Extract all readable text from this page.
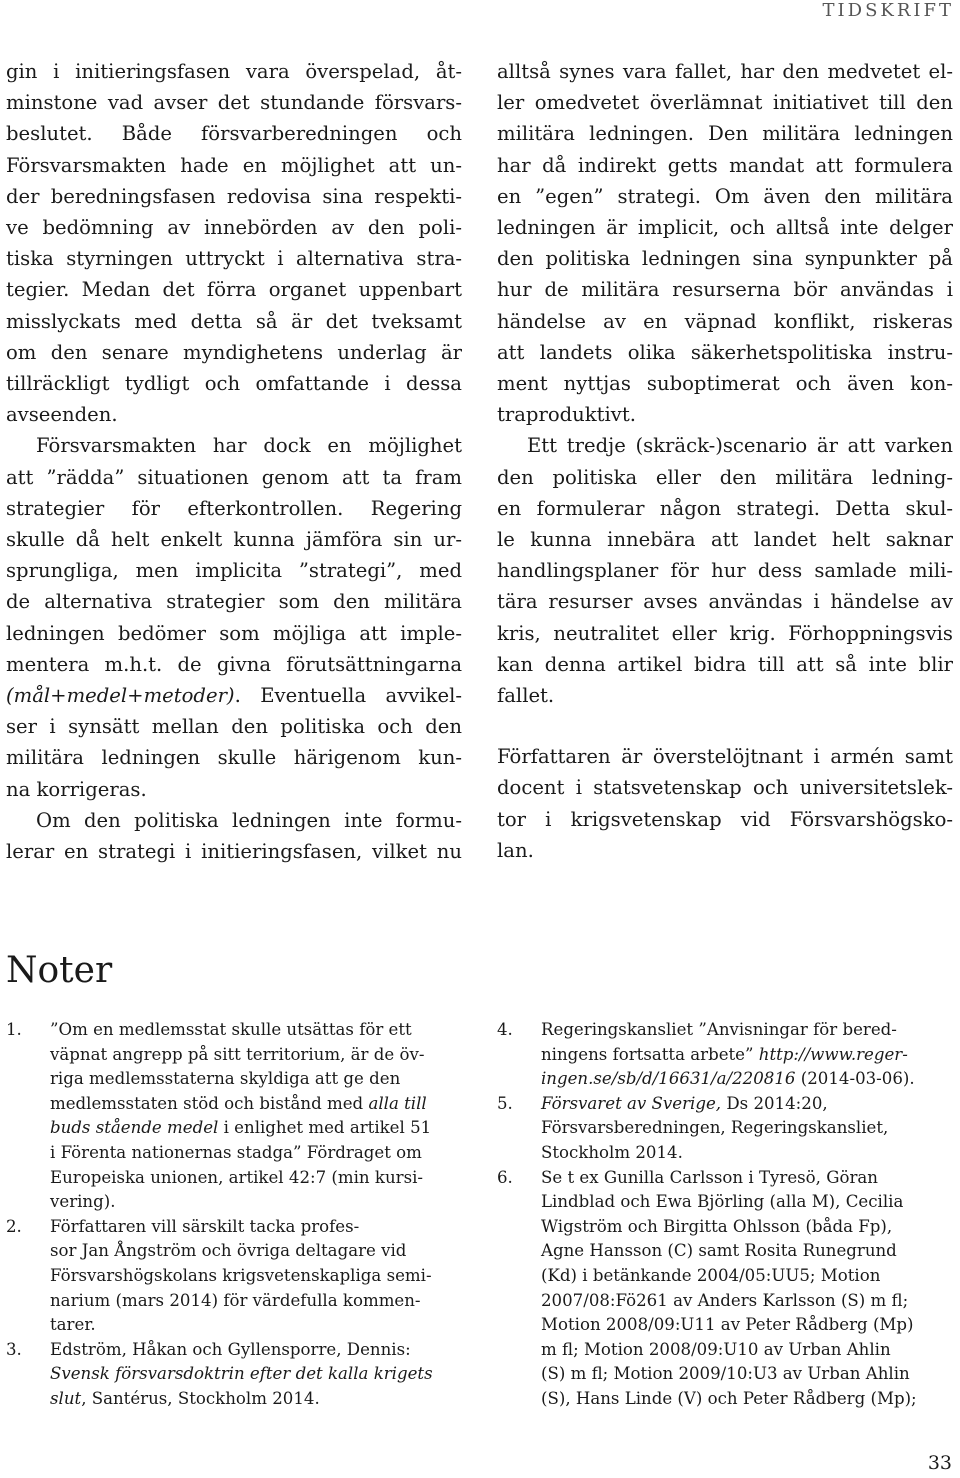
TIDSKRIFT
gin i initieringsfasen vara överspelad, åt-
minstone vad avser det stundande försvars-
beslutet. Både försvarberedningen och
Försvarsmakten hade en möjlighet att un-
der beredningsfasen redovisa sina respekti-
ve bedömning av innebörden av den poli-
tiska styrningen uttryckt i alternativa stra-
tegier. Medan det förra organet uppenbart
misslyckats med detta så är det tveksamt
om den senare myndighetens underlag är
tillräckligt tydligt och omfattande i dessa
avseenden.
Försvarsmakten har dock en möjlighet
att ”rädda” situationen genom att ta fram
strategier för efterkontrollen. Regering
skulle då helt enkelt kunna jämföra sin ur-
sprungliga, men implicita ”strategi”, med
de alternativa strategier som den militära
ledningen bedömer som möjliga att imple-
mentera m.h.t. de givna förutsättningarna
(mål+medel+metoder). Eventuella avvikel-
ser i synsätt mellan den politiska och den
militära ledningen skulle härigenom kun-
na korrigeras.
Om den politiska ledningen inte formu-
lerar en strategi i initieringsfasen, vilket nu
alltså synes vara fallet, har den medvetet el-
ler omedvetet överlämnat initiativet till den
militära ledningen. Den militära ledningen
har då indirekt getts mandat att formulera
en ”egen” strategi. Om även den militära
ledningen är implicit, och alltså inte delger
den politiska ledningen sina synpunkter på
hur de militära resurserna bör användas i
händelse av en väpnad konflikt, riskeras
att landets olika säkerhetspolitiska instru-
ment nyttjas suboptimerat och även kon-
traproduktivt.
Ett tredje (skräck-)scenario är att varken
den politiska eller den militära ledning-
en formulerar någon strategi. Detta skul-
le kunna innebära att landet helt saknar
handlingsplaner för hur dess samlade mili-
tära resurser avses användas i händelse av
kris, neutralitet eller krig. Förhoppningsvis
kan denna artikel bidra till att så inte blir
fallet.
Författaren är överstelöjtnant i armén samt
docent i statsvetenskap och universitetslek-
tor i krigsvetenskap vid Försvarshögsko-
lan.
Noter
1. ”Om en medlemsstat skulle utsättas för ett
väpnat angrepp på sitt territorium, är de öv-
riga medlemsstaterna skyldiga att ge den
medlemsstaten stöd och bistånd med alla till
buds stående medel i enlighet med artikel 51
i Förenta nationernas stadga” Fördraget om
Europeiska unionen, artikel 42:7 (min kursi-
vering).
2. Författaren vill särskilt tacka profes-
sor Jan Ångström och övriga deltagare vid
Försvarshögskolans krigsvetenskapliga semi-
narium (mars 2014) för värdefulla kommen-
tarer.
3. Edström, Håkan och Gyllensporre, Dennis:
Svensk försvarsdoktrin efter det kalla krigets
slut, Santérus, Stockholm 2014.
4. Regeringskansliet ”Anvisningar för bered-
ningens fortsatta arbete” http://www.reger-
ingen.se/sb/d/16631/a/220816 (2014-03-06).
5. Försvaret av Sverige, Ds 2014:20,
Försvarsberedningen, Regeringskansliet,
Stockholm 2014.
6. Se t ex Gunilla Carlsson i Tyresö, Göran
Lindblad och Ewa Björling (alla M), Cecilia
Wigström och Birgitta Ohlsson (båda Fp),
Agne Hansson (C) samt Rosita Runegrund
(Kd) i betänkande 2004/05:UU5; Motion
2007/08:Fö261 av Anders Karlsson (S) m fl;
Motion 2008/09:U11 av Peter Rådberg (Mp)
m fl; Motion 2008/09:U10 av Urban Ahlin
(S) m fl; Motion 2009/10:U3 av Urban Ahlin
(S), Hans Linde (V) och Peter Rådberg (Mp);
33
